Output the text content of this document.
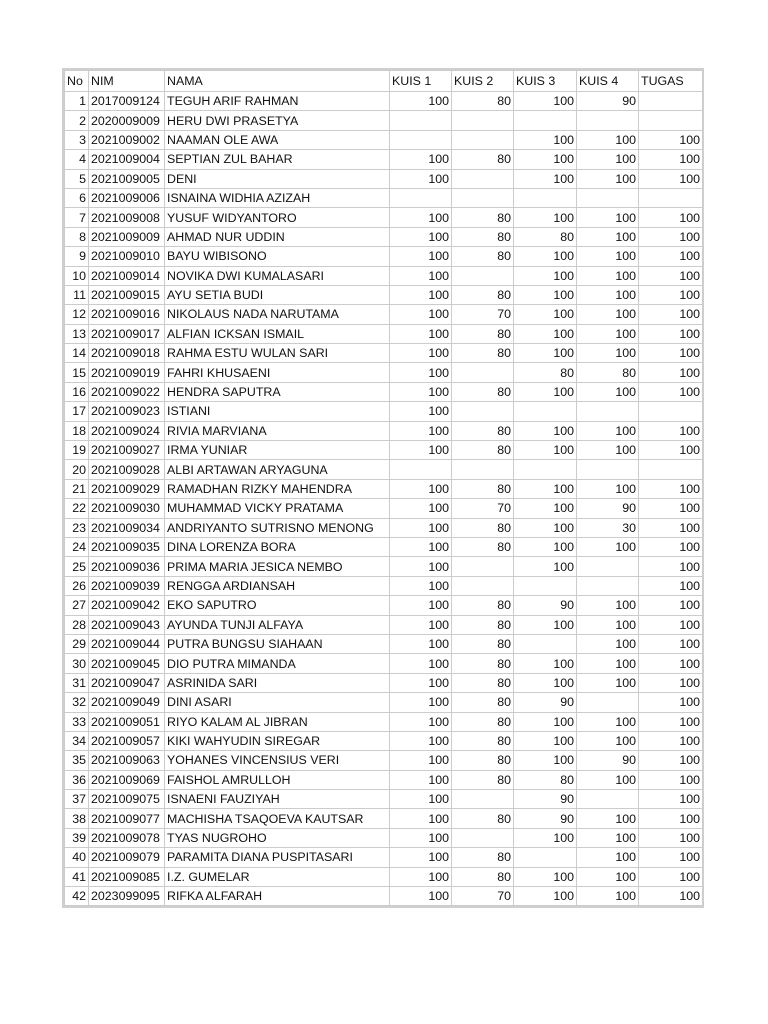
No	NIM	NAMA	KUIS 1	KUIS 2	KUIS 3	KUIS 4	TUGAS
1	2017009124	TEGUH ARIF RAHMAN	100	80	100	90	
2	2020009009	HERU DWI PRASETYA					
3	2021009002	NAAMAN OLE AWA			100	100	100
4	2021009004	SEPTIAN ZUL BAHAR	100	80	100	100	100
5	2021009005	DENI	100		100	100	100
6	2021009006	ISNAINA WIDHIA AZIZAH					
7	2021009008	YUSUF WIDYANTORO	100	80	100	100	100
8	2021009009	AHMAD NUR UDDIN	100	80	80	100	100
9	2021009010	BAYU WIBISONO	100	80	100	100	100
10	2021009014	NOVIKA DWI KUMALASARI	100		100	100	100
11	2021009015	AYU SETIA BUDI	100	80	100	100	100
12	2021009016	NIKOLAUS NADA NARUTAMA	100	70	100	100	100
13	2021009017	ALFIAN ICKSAN ISMAIL	100	80	100	100	100
14	2021009018	RAHMA ESTU WULAN SARI	100	80	100	100	100
15	2021009019	FAHRI KHUSAENI	100		80	80	100
16	2021009022	HENDRA SAPUTRA	100	80	100	100	100
17	2021009023	ISTIANI	100				
18	2021009024	RIVIA MARVIANA	100	80	100	100	100
19	2021009027	IRMA YUNIAR	100	80	100	100	100
20	2021009028	ALBI ARTAWAN ARYAGUNA					
21	2021009029	RAMADHAN RIZKY MAHENDRA	100	80	100	100	100
22	2021009030	MUHAMMAD VICKY PRATAMA	100	70	100	90	100
23	2021009034	ANDRIYANTO SUTRISNO MENONG	100	80	100	30	100
24	2021009035	DINA LORENZA BORA	100	80	100	100	100
25	2021009036	PRIMA MARIA JESICA NEMBO	100		100		100
26	2021009039	RENGGA ARDIANSAH	100				100
27	2021009042	EKO SAPUTRO	100	80	90	100	100
28	2021009043	AYUNDA TUNJI ALFAYA	100	80	100	100	100
29	2021009044	PUTRA BUNGSU SIAHAAN	100	80		100	100
30	2021009045	DIO PUTRA MIMANDA	100	80	100	100	100
31	2021009047	ASRINIDA SARI	100	80	100	100	100
32	2021009049	DINI ASARI	100	80	90		100
33	2021009051	RIYO KALAM AL JIBRAN	100	80	100	100	100
34	2021009057	KIKI WAHYUDIN SIREGAR	100	80	100	100	100
35	2021009063	YOHANES VINCENSIUS VERI	100	80	100	90	100
36	2021009069	FAISHOL AMRULLOH	100	80	80	100	100
37	2021009075	ISNAENI FAUZIYAH	100		90		100
38	2021009077	MACHISHA TSAQOEVA KAUTSAR	100	80	90	100	100
39	2021009078	TYAS NUGROHO	100		100	100	100
40	2021009079	PARAMITA DIANA PUSPITASARI	100	80		100	100
41	2021009085	I.Z. GUMELAR	100	80	100	100	100
42	2023099095	RIFKA ALFARAH	100	70	100	100	100
